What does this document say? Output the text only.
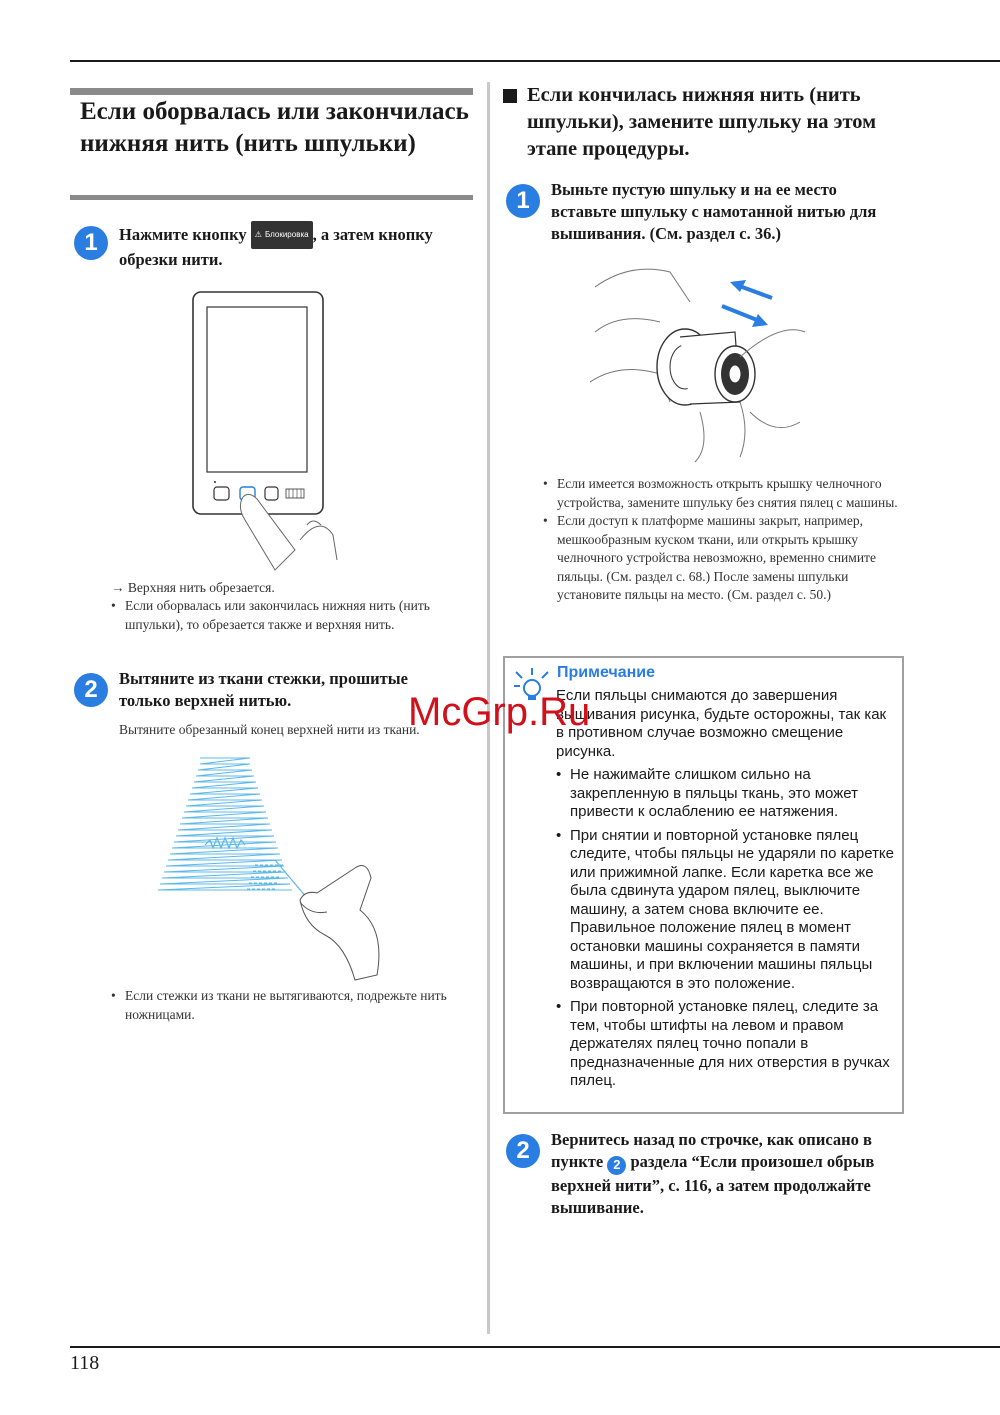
Если оборвалась или закончилась нижняя нить (нить шпульки)
1	Нажмите кнопку ⚠ Блокировка , а затем кнопку обрезки нити.
→ Верхняя нить обрезается.
• Если оборвалась или закончилась нижняя нить (нить шпульки), то обрезается также и верхняя нить.
2	Вытяните из ткани стежки, прошитые только верхней нитью.
Вытяните обрезанный конец верхней нити из ткани.
• Если стежки из ткани не вытягиваются, подрежьте нить ножницами.
Если кончилась нижняя нить (нить шпульки), замените шпульку на этом этапе процедуры.
1	Выньте пустую шпульку и на ее место вставьте шпульку с намотанной нитью для вышивания. (См. раздел с. 36.)
• Если имеется возможность открыть крышку челночного устройства, замените шпульку без снятия пялец с машины.
• Если доступ к платформе машины закрыт, например, мешкообразным куском ткани, или открыть крышку челночного устройства невозможно, временно снимите пяльцы. (См. раздел с. 68.) После замены шпульки установите пяльцы на место. (См. раздел с. 50.)
Примечание
Если пяльцы снимаются до завершения вышивания рисунка, будьте осторожны, так как в противном случае возможно смещение рисунка.
• Не нажимайте слишком сильно на закрепленную в пяльцы ткань, это может привести к ослаблению ее натяжения.
• При снятии и повторной установке пялец следите, чтобы пяльцы не ударяли по каретке или прижимной лапке. Если каретка все же была сдвинута ударом пялец, выключите машину, а затем снова включите ее. Правильное положение пялец в момент остановки машины сохраняется в памяти машины, и при включении машины пяльцы возвращаются в это положение.
• При повторной установке пялец, следите за тем, чтобы штифты на левом и правом держателях пялец точно попали в предназначенные для них отверстия в ручках пялец.
2	Вернитесь назад по строчке, как описано в пункте 2 раздела “Если произошел обрыв верхней нити”, с. 116, а затем продолжайте вышивание.
McGrp.Ru
118
